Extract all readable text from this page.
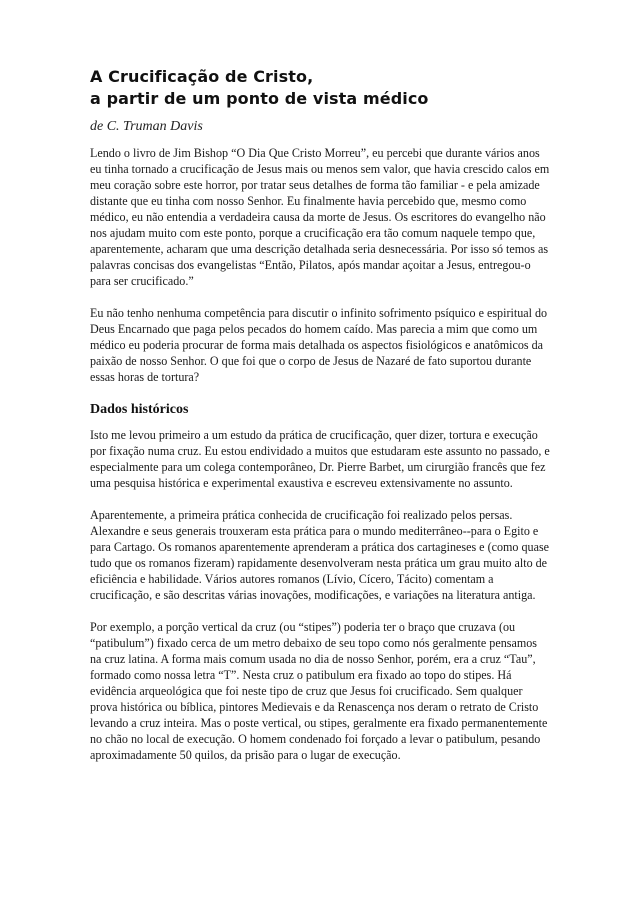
A Crucificação de Cristo,
a partir de um ponto de vista médico
de C. Truman Davis

Lendo o livro de Jim Bishop “O Dia Que Cristo Morreu”, eu percebi que durante vários anos eu tinha tornado a crucificação de Jesus mais ou menos sem valor, que havia crescido calos em meu coração sobre este horror, por tratar seus detalhes de forma tão familiar - e pela amizade distante que eu tinha com nosso Senhor. Eu finalmente havia percebido que, mesmo como médico, eu não entendia a verdadeira causa da morte de Jesus. Os escritores do evangelho não nos ajudam muito com este ponto, porque a crucificação era tão comum naquele tempo que, aparentemente, acharam que uma descrição detalhada seria desnecessária. Por isso só temos as palavras concisas dos evangelistas “Então, Pilatos, após mandar açoitar a Jesus, entregou-o para ser crucificado.”

Eu não tenho nenhuma competência para discutir o infinito sofrimento psíquico e espiritual do Deus Encarnado que paga pelos pecados do homem caído. Mas parecia a mim que como um médico eu poderia procurar de forma mais detalhada os aspectos fisiológicos e anatômicos da paixão de nosso Senhor. O que foi que o corpo de Jesus de Nazaré de fato suportou durante essas horas de tortura?

Dados históricos

Isto me levou primeiro a um estudo da prática de crucificação, quer dizer, tortura e execução por fixação numa cruz. Eu estou endividado a muitos que estudaram este assunto no passado, e especialmente para um colega contemporâneo, Dr. Pierre Barbet, um cirurgião francês que fez uma pesquisa histórica e experimental exaustiva e escreveu extensivamente no assunto.

Aparentemente, a primeira prática conhecida de crucificação foi realizado pelos persas. Alexandre e seus generais trouxeram esta prática para o mundo mediterrâneo--para o Egito e para Cartago. Os romanos aparentemente aprenderam a prática dos cartagineses e (como quase tudo que os romanos fizeram) rapidamente desenvolveram nesta prática um grau muito alto de eficiência e habilidade. Vários autores romanos (Lívio, Cícero, Tácito) comentam a crucificação, e são descritas várias inovações, modificações, e variações na literatura antiga.

Por exemplo, a porção vertical da cruz (ou “stipes”) poderia ter o braço que cruzava (ou “patibulum”) fixado cerca de um metro debaixo de seu topo como nós geralmente pensamos na cruz latina. A forma mais comum usada no dia de nosso Senhor, porém, era a cruz “Tau”, formado como nossa letra “T”. Nesta cruz o patibulum era fixado ao topo do stipes. Há evidência arqueológica que foi neste tipo de cruz que Jesus foi crucificado. Sem qualquer prova histórica ou bíblica, pintores Medievais e da Renascença nos deram o retrato de Cristo levando a cruz inteira. Mas o poste vertical, ou stipes, geralmente era fixado permanentemente no chão no local de execução. O homem condenado foi forçado a levar o patibulum, pesando aproximadamente 50 quilos, da prisão para o lugar de execução.
